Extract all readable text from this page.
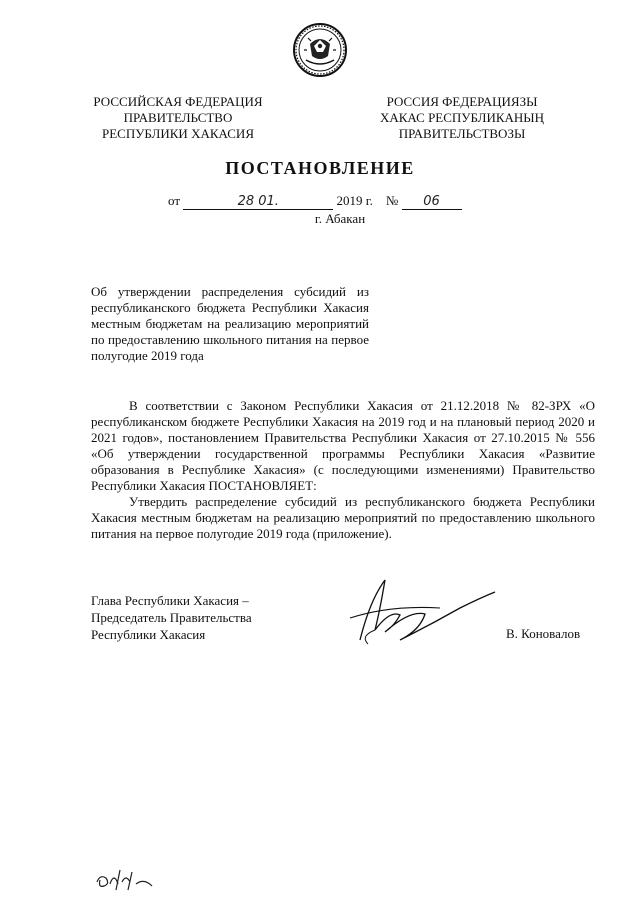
РОССИЙСКАЯ ФЕДЕРАЦИЯ
ПРАВИТЕЛЬСТВО
РЕСПУБЛИКИ ХАКАСИЯ
РОССИЯ ФЕДЕРАЦИЯЗЫ
ХАКАС РЕСПУБЛИКАНЫҢ
ПРАВИТЕЛЬСТВОЗЫ
ПОСТАНОВЛЕНИЕ
от	28 01.	2019 г. № 06
г. Абакан
Об утверждении распределения субсидий из республиканского бюджета Республики Хакасия местным бюджетам на реализацию мероприятий по предоставлению школьного питания на первое полугодие 2019 года

В соответствии с Законом Республики Хакасия от 21.12.2018 № 82-ЗРХ «О республиканском бюджете Республики Хакасия на 2019 год и на плановый период 2020 и 2021 годов», постановлением Правительства Республики Хакасия от 27.10.2015 № 556 «Об утверждении государственной программы Республики Хакасия «Развитие образования в Республике Хакасия» (с последующими изменениями) Правительство Республики Хакасия ПОСТАНОВЛЯЕТ:

Утвердить распределение субсидий из республиканского бюджета Республики Хакасия местным бюджетам на реализацию мероприятий по предоставлению школьного питания на первое полугодие 2019 года (приложение).

Глава Республики Хакасия –
Председатель Правительства
Республики Хакасия	В. Коновалов
